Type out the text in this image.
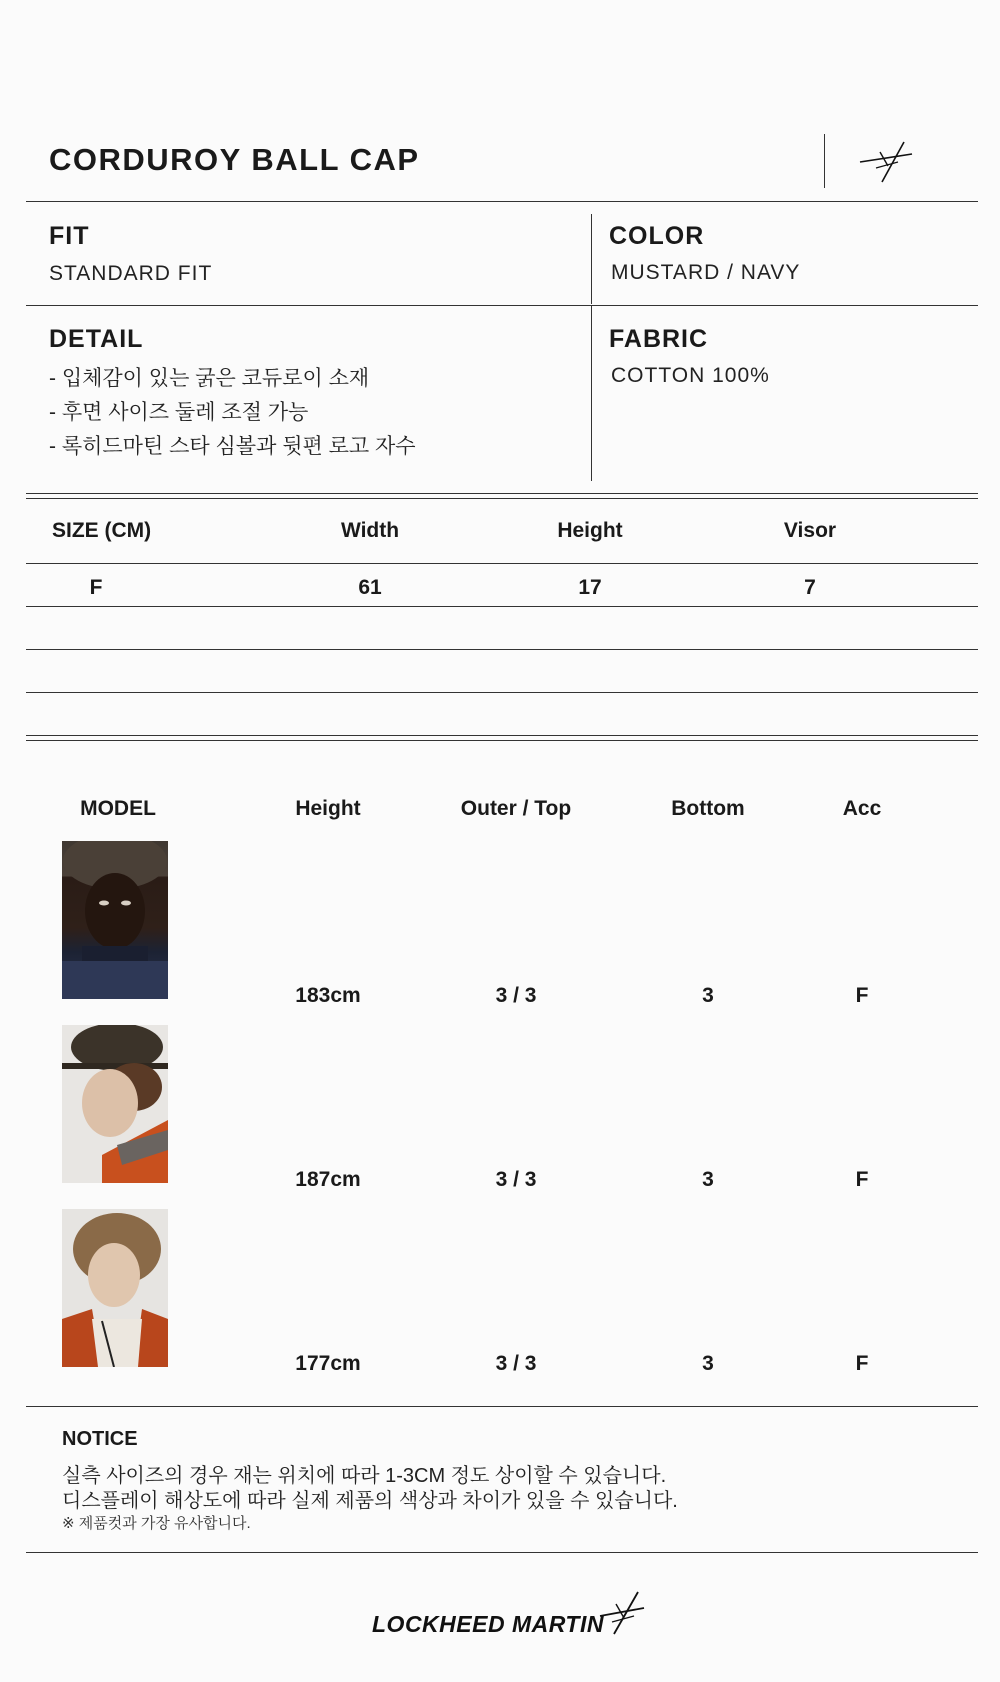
CORDUROY BALL CAP
FIT
STANDARD FIT
COLOR
MUSTARD / NAVY
DETAIL
- 입체감이 있는 굵은 코듀로이 소재
- 후면 사이즈 둘레 조절 가능
- 록히드마틴 스타 심볼과 뒷편 로고 자수
FABRIC
COTTON 100%
SIZE (CM)	Width	Height	Visor
F	61	17	7
MODEL	Height	Outer / Top	Bottom	Acc
183cm	3 / 3	3	F
187cm	3 / 3	3	F
177cm	3 / 3	3	F
NOTICE
실측 사이즈의 경우 재는 위치에 따라 1-3CM 정도 상이할 수 있습니다.
디스플레이 해상도에 따라 실제 제품의 색상과 차이가 있을 수 있습니다.
※ 제품컷과 가장 유사합니다.
LOCKHEED MARTIN
